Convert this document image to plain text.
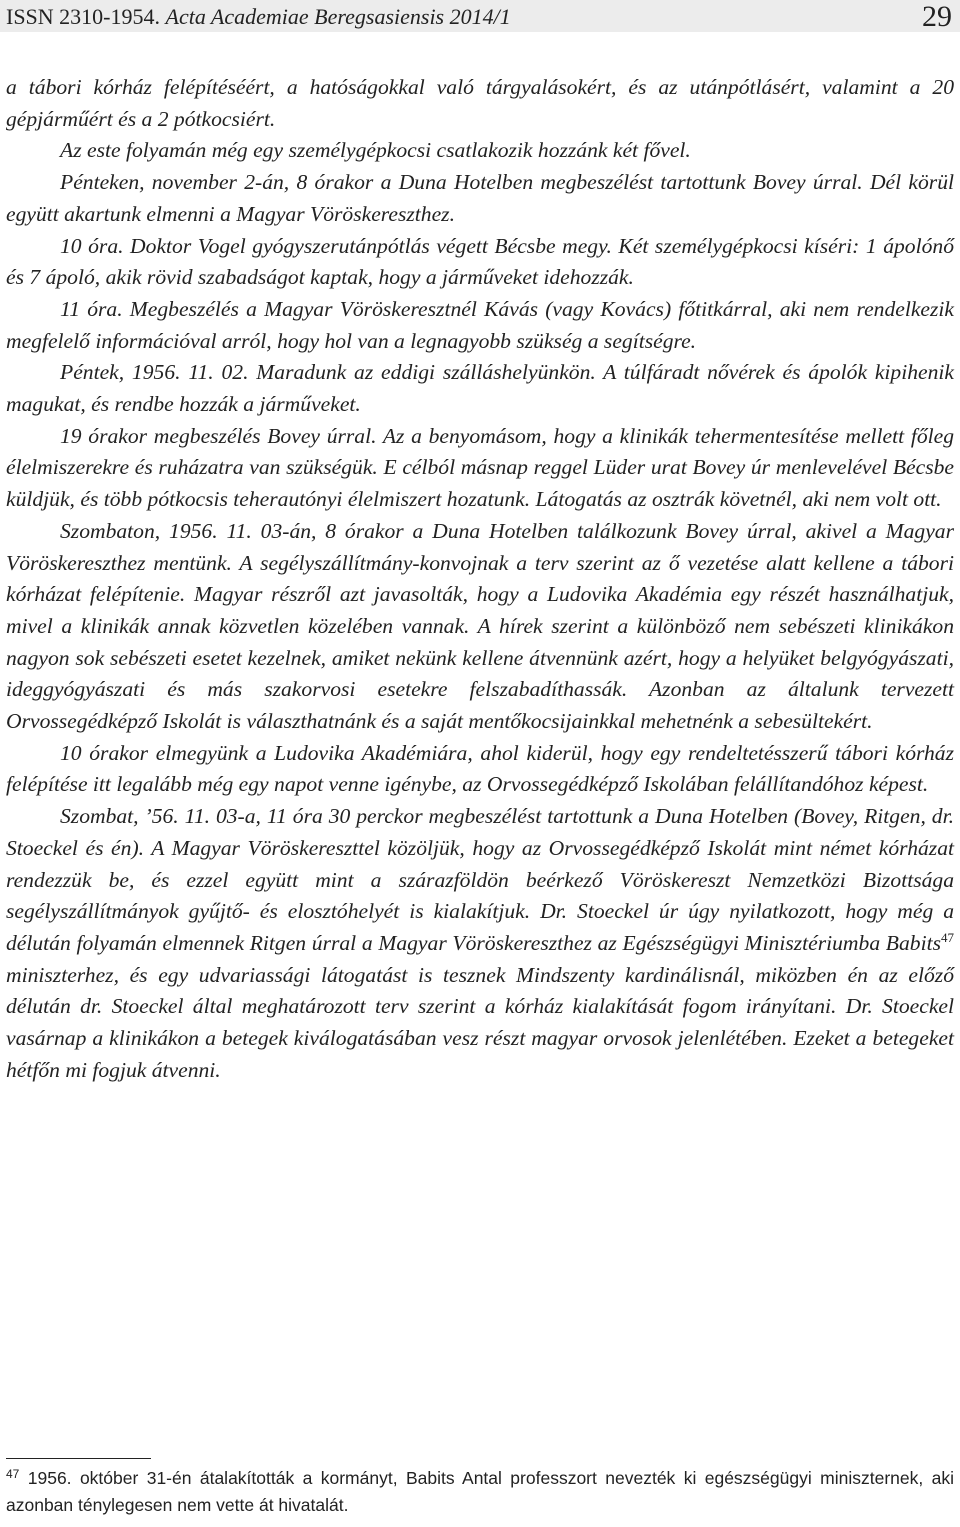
ISSN 2310-1954. Acta Academiae Beregsasiensis 2014/1	29

a tábori kórház felépítéséért, a hatóságokkal való tárgyalásokért, és az utánpótlásért, valamint a 20 gépjárműért és a 2 pótkocsiért.

Az este folyamán még egy személygépkocsi csatlakozik hozzánk két fővel.

Pénteken, november 2-án, 8 órakor a Duna Hotelben megbeszélést tartottunk Bovey úrral. Dél körül együtt akartunk elmenni a Magyar Vöröskereszthez.

10 óra. Doktor Vogel gyógyszerutánpótlás végett Bécsbe megy. Két személygépkocsi kíséri: 1 ápolónő és 7 ápoló, akik rövid szabadságot kaptak, hogy a járműveket idehozzák.

11 óra. Megbeszélés a Magyar Vöröskeresztnél Kávás (vagy Kovács) főtitkárral, aki nem rendelkezik megfelelő információval arról, hogy hol van a legnagyobb szükség a segítségre.

Péntek, 1956. 11. 02. Maradunk az eddigi szálláshelyünkön. A túlfáradt nővérek és ápolók kipihenik magukat, és rendbe hozzák a járműveket.

19 órakor megbeszélés Bovey úrral. Az a benyomásom, hogy a klinikák tehermentesítése mellett főleg élelmiszerekre és ruházatra van szükségük. E célból másnap reggel Lüder urat Bovey úr menlevelével Bécsbe küldjük, és több pótkocsis teherautónyi élelmiszert hozatunk. Látogatás az osztrák követnél, aki nem volt ott.

Szombaton, 1956. 11. 03-án, 8 órakor a Duna Hotelben találkozunk Bovey úrral, akivel a Magyar Vöröskereszthez mentünk. A segélyszállítmány-konvojnak a terv szerint az ő vezetése alatt kellene a tábori kórházat felépítenie. Magyar részről azt javasolták, hogy a Ludovika Akadémia egy részét használhatjuk, mivel a klinikák annak közvetlen közelében vannak. A hírek szerint a különböző nem sebészeti klinikákon nagyon sok sebészeti esetet kezelnek, amiket nekünk kellene átvennünk azért, hogy a helyüket belgyógyászati, ideggyógyászati és más szakorvosi esetekre felszabadíthassák. Azonban az általunk tervezett Orvossegédképző Iskolát is választhatnánk és a saját mentőkocsijainkkal mehetnénk a sebesültekért.

10 órakor elmegyünk a Ludovika Akadémiára, ahol kiderül, hogy egy rendeltetésszerű tábori kórház felépítése itt legalább még egy napot venne igénybe, az Orvossegédképző Iskolában felállítandóhoz képest.

Szombat, ’56. 11. 03-a, 11 óra 30 perckor megbeszélést tartottunk a Duna Hotelben (Bovey, Ritgen, dr. Stoeckel és én). A Magyar Vöröskereszttel közöljük, hogy az Orvossegédképző Iskolát mint német kórházat rendezzük be, és ezzel együtt mint a szárazföldön beérkező Vöröskereszt Nemzetközi Bizottsága segélyszállítmányok gyűjtő- és elosztóhelyét is kialakítjuk. Dr. Stoeckel úr úgy nyilatkozott, hogy még a délután folyamán elmennek Ritgen úrral a Magyar Vöröskereszthez az Egészségügyi Minisztériumba Babits$^{47}$ miniszterhez, és egy udvariassági látogatást is tesznek Mindszenty kardinálisnál, miközben én az előző délután dr. Stoeckel által meghatározott terv szerint a kórház kialakítását fogom irányítani. Dr. Stoeckel vasárnap a klinikákon a betegek kiválogatásában vesz részt magyar orvosok jelenlétében. Ezeket a betegeket hétfőn mi fogjuk átvenni.

$^{47}$ 1956. október 31-én átalakították a kormányt, Babits Antal professzort nevezték ki egészségügyi miniszternek, aki azonban ténylegesen nem vette át hivatalát.
